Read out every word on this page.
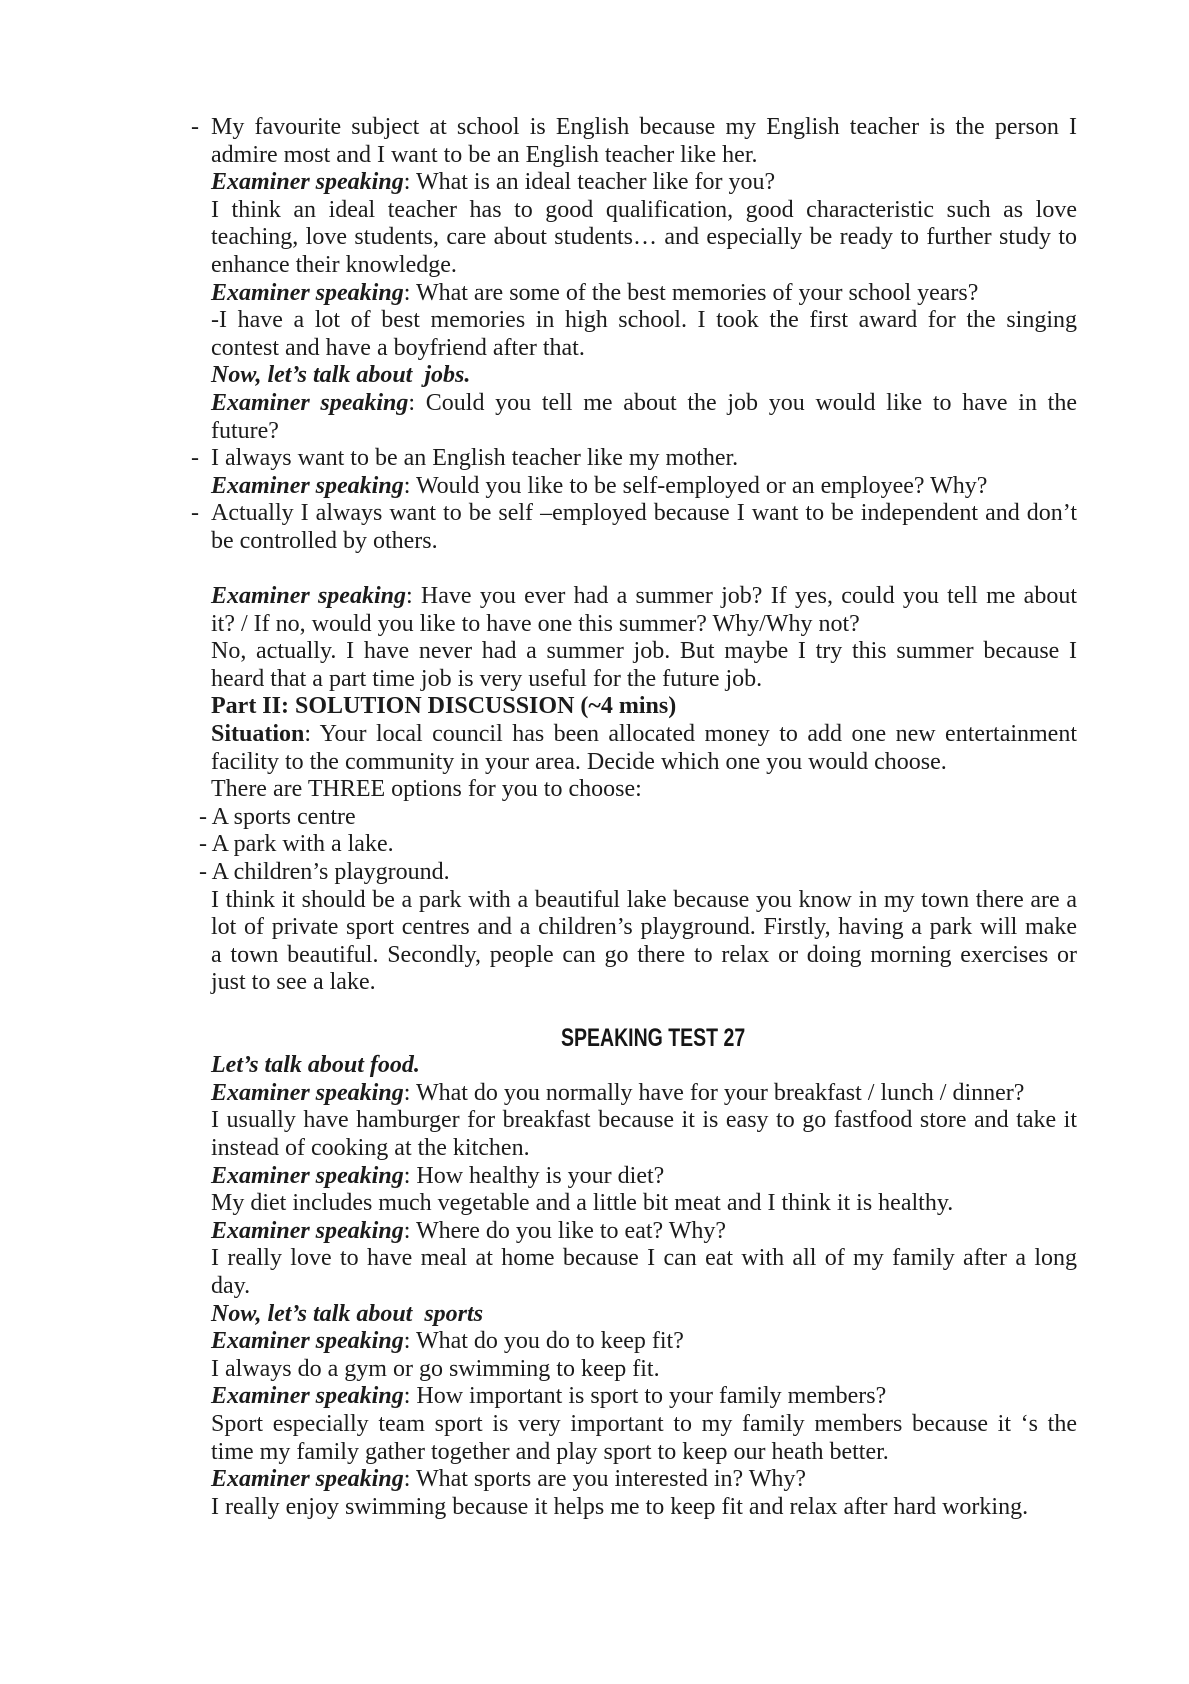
- My favourite subject at school is English because my English teacher is the person I
admire most and I want to be an English teacher like her.
Examiner speaking: What is an ideal teacher like for you?
I think an ideal teacher has to good qualification, good characteristic such as love
teaching, love students, care about students… and especially be ready to further study to
enhance their knowledge.
Examiner speaking: What are some of the best memories of your school years?
-I have a lot of best memories in high school. I took the first award for the singing
contest and have a boyfriend after that.
Now, let’s talk about  jobs.
Examiner speaking: Could you tell me about the job you would like to have in the
future?
- I always want to be an English teacher like my mother.
Examiner speaking: Would you like to be self-employed or an employee? Why?
- Actually I always want to be self –employed because I want to be independent and don’t
be controlled by others.
Examiner speaking: Have you ever had a summer job? If yes, could you tell me about
it? / If no, would you like to have one this summer? Why/Why not?
No, actually. I have never had a summer job. But maybe I try this summer because I
heard that a part time job is very useful for the future job.
Part II: SOLUTION DISCUSSION (~4 mins)
Situation: Your local council has been allocated money to add one new entertainment
facility to the community in your area. Decide which one you would choose.
There are THREE options for you to choose:
- A sports centre
- A park with a lake.
- A children’s playground.
I think it should be a park with a beautiful lake because you know in my town there are a
lot of private sport centres and a children’s playground. Firstly, having a park will make
a town beautiful. Secondly, people can go there to relax or doing morning exercises or
just to see a lake.
SPEAKING TEST 27
Let’s talk about food.
Examiner speaking: What do you normally have for your breakfast / lunch / dinner?
I usually have hamburger for breakfast because it is easy to go fastfood store and take it
instead of cooking at the kitchen.
Examiner speaking: How healthy is your diet?
My diet includes much vegetable and a little bit meat and I think it is healthy.
Examiner speaking: Where do you like to eat? Why?
I really love to have meal at home because I can eat with all of my family after a long
day.
Now, let’s talk about  sports
Examiner speaking: What do you do to keep fit?
I always do a gym or go swimming to keep fit.
Examiner speaking: How important is sport to your family members?
Sport especially team sport is very important to my family members because it ‘s the
time my family gather together and play sport to keep our heath better.
Examiner speaking: What sports are you interested in? Why?
I really enjoy swimming because it helps me to keep fit and relax after hard working.
